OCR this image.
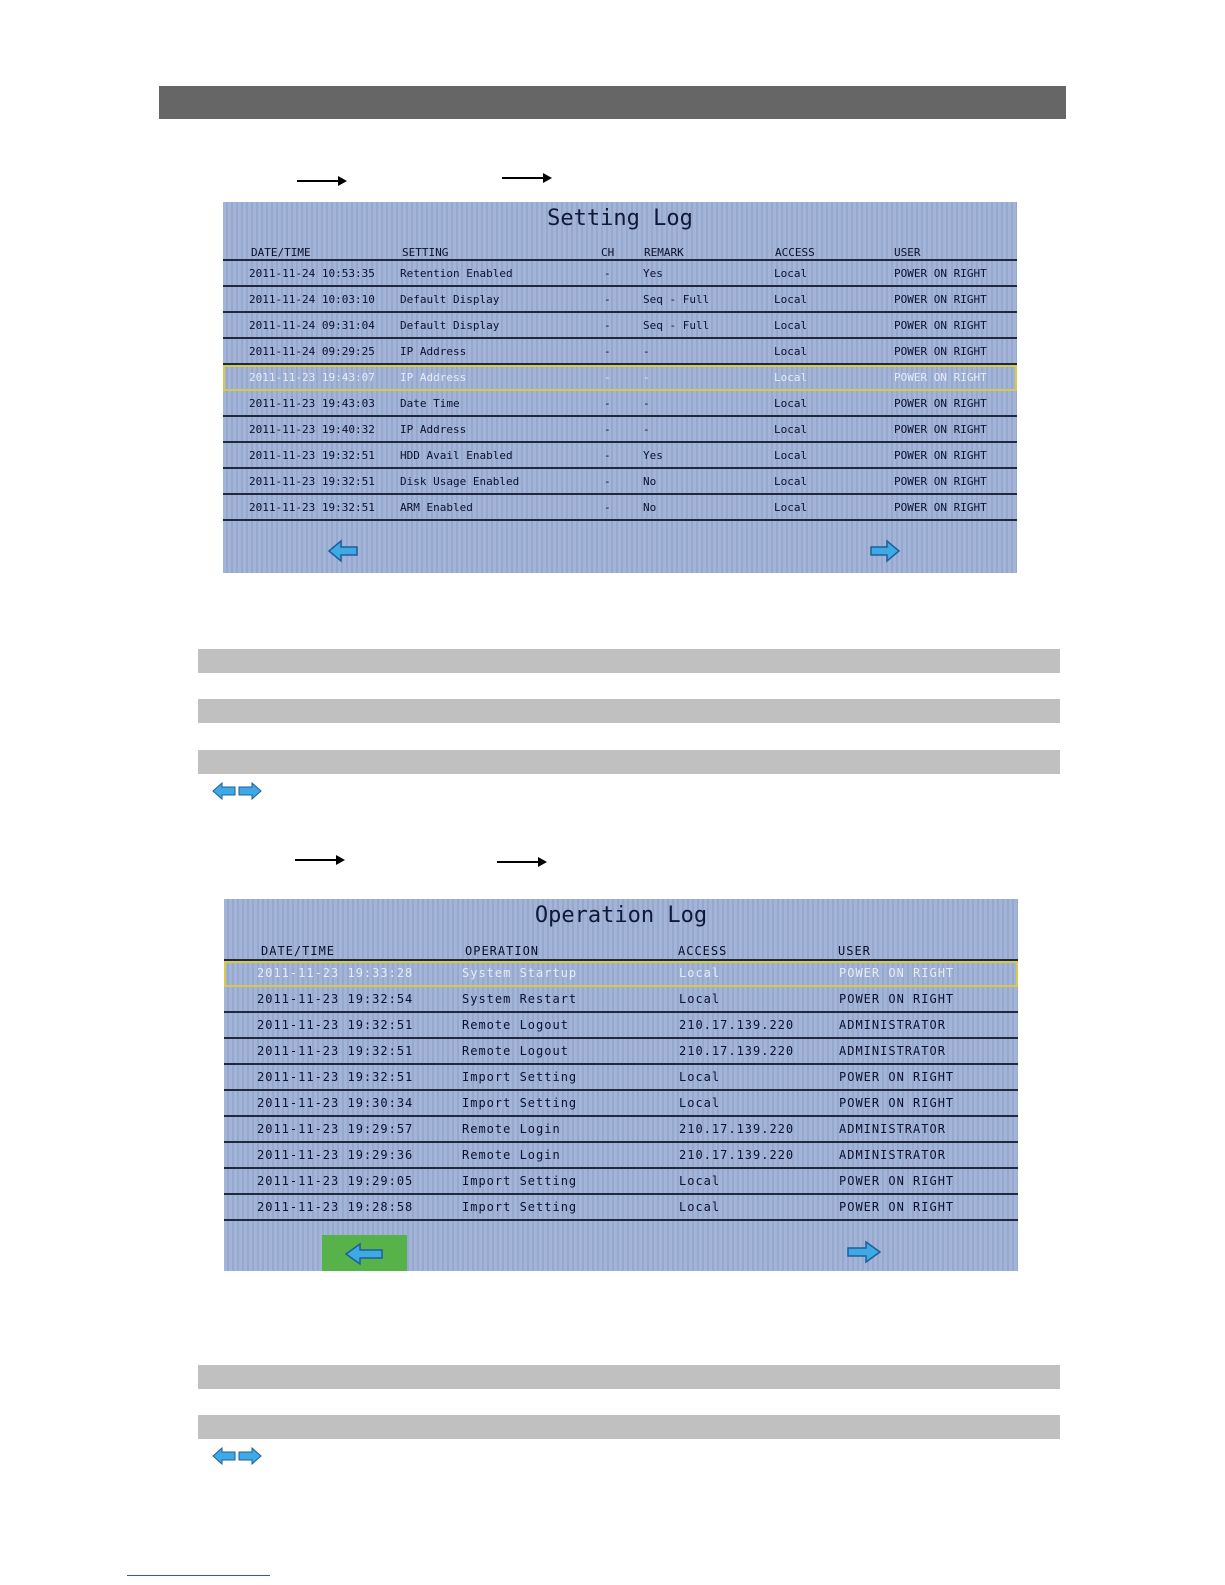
Setting Log
DATE/TIME	SETTING	CH	REMARK	ACCESS	USER
2011-11-24 10:53:35 Retention Enabled	-	Yes	Local	POWER ON RIGHT
2011-11-24 10:03:10 Default Display	-	Seq - Full	Local	POWER ON RIGHT
2011-11-24 09:31:04 Default Display	-	Seq - Full	Local	POWER ON RIGHT
2011-11-24 09:29:25 IP Address	-	-	Local	POWER ON RIGHT
2011-11-23 19:43:07 IP Address	-	-	Local	POWER ON RIGHT
2011-11-23 19:43:03 Date Time	-	-	Local	POWER ON RIGHT
2011-11-23 19:40:32 IP Address	-	-	Local	POWER ON RIGHT
2011-11-23 19:32:51 HDD Avail Enabled	-	Yes	Local	POWER ON RIGHT
2011-11-23 19:32:51 Disk Usage Enabled	-	No	Local	POWER ON RIGHT
2011-11-23 19:32:51 ARM Enabled	-	No	Local	POWER ON RIGHT
Operation Log
DATE/TIME	OPERATION	ACCESS	USER
2011-11-23 19:33:28	System Startup	Local	POWER ON RIGHT
2011-11-23 19:32:54	System Restart	Local	POWER ON RIGHT
2011-11-23 19:32:51	Remote Logout	210.17.139.220	ADMINISTRATOR
2011-11-23 19:32:51	Remote Logout	210.17.139.220	ADMINISTRATOR
2011-11-23 19:32:51	Import Setting	Local	POWER ON RIGHT
2011-11-23 19:30:34	Import Setting	Local	POWER ON RIGHT
2011-11-23 19:29:57	Remote Login	210.17.139.220	ADMINISTRATOR
2011-11-23 19:29:36	Remote Login	210.17.139.220	ADMINISTRATOR
2011-11-23 19:29:05	Import Setting	Local	POWER ON RIGHT
2011-11-23 19:28:58	Import Setting	Local	POWER ON RIGHT
